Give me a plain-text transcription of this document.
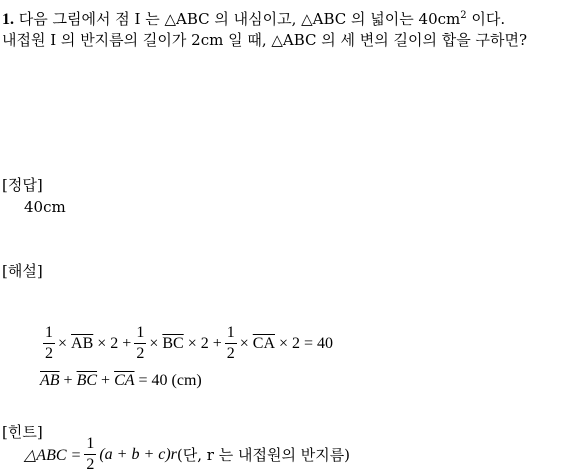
1. 다음 그림에서 점 I 는 △ABC 의 내심이고, △ABC 의 넓이는 $40cm^2$ 이다.
내접원 I 의 반지름의 길이가 2cm 일 때, △ABC 의 세 변의 길이의 합을 구하면?
[정답]
40cm
[해설]
$\frac{1}{2}$ ×
$\overline{AB}$
× $2 + \frac{1}{2}$ ×
$\overline{BC}$
× $2 + \frac{1}{2}$ ×
$\overline{CA}$
× 2 = 40
$\overline{AB}$
+
$\overline{BC}$
+
$\overline{CA}$
= 40 (cm)
[힌트]
△ABC = $\frac{1}{2} (a + b + c)r$ (단, r 는 내접원의 반지름)
